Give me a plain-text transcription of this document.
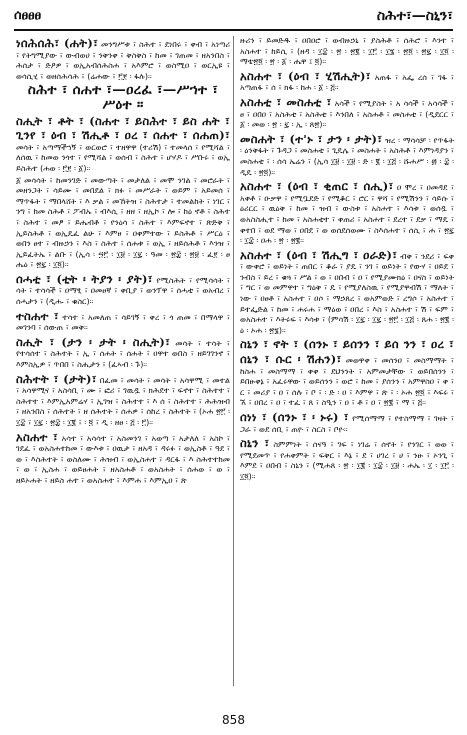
ሰፀፀፀ	ስሕተ፣—ስኒን፣

ነሰሕሰሕ፣ (ሐት)፣ መንግሥቱ ፣ ስሕተ ፣ ደነበሩ ፣ ቀብ ፣ አነጣሪ ፣ የትግሚያው ፣ ውብወሀ ፣ ንቅንቀ ፣ ቅስቅስ ፣ ከመ ፣ ገጠመ ፣ ዘአንበስ ፣ ሕሰታ ፣ ድዖዎ ፣ ወኢአብሰሕስሐ ፣ አእምሮ ፣ ወስሚዐ ፣ ወርኢዩ ፣ ወሳሲሂ ፣ ወዘሰሕሳሕ ፣ (ሬሐው ፣ ፫፻ ፡ ፋሉ)።

ስሕተ ፣ ሰሐተ ፣—ዐረፈ ፣—ሥኀተ ፣ ሥዕተ ።

ስሒት ፣ ቶት ፣ (ስሐተ ፣ ይስሕተ ፣ ይስ ሐት ፣ ጊንየ ፣ ዕብ ፣ ሽሒቶ ፣ ዐረ ፣ ሰሐተ ፣ ሰሐጠ)፣ መሳት ፣ አጣማችኀኝ ፣ ወርወሮ ፣ ተዘዋዋ (ተሪሽ) ፣ ተመላሰ ፣ የሚሻል ፣ ለሰዉ ፣ ከመወ ንጎተ ፣ የሚሻል ፣ ወሰብ ፣ ስሕተ ፣ ሆሃዶ ፣ ሥቡሩ ፣ ወኢ ይስሕተ (ሐወ ፡ ፫፻ ፡ ፩)።

፩ መሳሳት ፣ ከመንገድ ፣ መውጣት ፣ መታለል ፣ መሞ ንገል ፣ መሮራት ፣ መዘንጋት ፣ ሳይሙ ፣ መበደል ፣ ክፉ ፣ መሥራት ፣ ወይም ፣ አይመሰ ፣ ማጥፋት ፣ ማበላሸት ፣ እ ቃል ፣ መኸትዝ ፣ ስሕተታ ፣ ተመልከት ፣ ነገር ፣ ንግ ፣ ከመ ስሕቶ ፣ ፖብኡ ፣ ብእሲ ፣ ዘዘ ፣ ዘኢኮ ፣ ሎ ፣ ከዕ ኖቶ ፣ ስሕተ ፣ ስሕተ ፣ መፆ ፣ ይሔብቶ ፣ የንዕሳ ፣ ስሕተ ፣ እምፍኖተ ፣ ጽድቅ ፣ ኢይስሕቶ ፣ ወኢዴፈ ልሁ ፣ እምፀ ፣ ዐቀምተው ፣ ይስሕቶ ፣ ሥርዕ ፣ ወበን ፀተ ፣ ብዙኃን ፣ እስ ፣ ስሕተ ፣ ሰሐቱ ፣ ወኢ ፣ ዘይሰሕቶ ፣ እንዝ ፣ ኢይፈትኤ ፣ ልቡ ፣ (ኢሳ ፡ ፵፫ ፡ ፲፱ ፡ ፲፯ ፡ ዓመ ፡ ፳፰ ፡ ፳፱ ፡ ፈ፻ ፡ ፀ ሔዕ ፣ ፳፯ ፡ ፲፬)።

ሰሓቲ ፣ (ቲት ፡ ትያን ፡ ያት)፣ የሚስሕት ፣ የሚሳሳት ፣ ሳት ፣ ተሳሳች ፣ ዐማፂ ፣ ዐመፀኛ ፣ ቀቢያ ፣ ወንፕዋ ፣ ሰሓቲ ፣ ወአብረ ፣ ሰሓታን ፣ (ዲሑ ፣ ቁስር)።

ተስሐተ ፣ ተሳተ ፣ አመለጠ ፣ ሳይገኝ ፣ ቀረ ፣ ጎ ጠመ ፣ በማላዋ ፣ መገንባ ፣ ሰውጠ ፣ መቅ።

ስሒት ፣ (ታን ፡ ታት ፡ ስሒት)፣ መሳት ፣ ተሳት ፣ የተሳሰተ ፣ ስሕተት ፣ ኢ ፣ ሰሐት ፣ ሰሐት ፣ ዐዋተ ወበስ ፣ ዘይገገንኖ ፣ እምስኢዎ ፣ ጥበበ ፣ ስሒታን ፣ (ፈኣብ ፡ ጉ)።

ስሕተት ፣ (ታት)፣ በፈመ ፣ መሳት ፣ መሳት ፣ አሳዋሚ ፣ መተል ፣ አሳዋሚና ፣ አስሳቢ ፣ ሙ ፣ ፎሪ ፣ ገዉዷ ፣ ክሕደተ ፣ ፍኖተ ፣ ስሕተተ ፣ ስሕተተ ፣ እምኢአምሬሃ ፣ ኢገዝ ፣ ስሕተተ ፣ እ ሰ ፣ ስሕተተ ፣ ሕሕዝብ ፣ ዘአንበስ ፣ ሰሕተት ፣ ዘ ሰሕተት ፣ ሰሐዎ ፣ ሰከረ ፣ ስሕተት ፣ (ኦሐ ፳፫ ፡ ፲፰ ፣ ፲፯ ፡ ፳፰ ፡ ፲፪ ፣ ፡ ፬ ፣ ዲ ፡ ዘፀ ፡ ፭ ፡ ፫)።

አስሐተ ፣ አሳተ ፣ አሳሳተ ፣ አስመንገ ፣ አወጣ ፣ አታለለ ፣ አስኮ ፣ ገደፈ ፣ ወአስሐተከመ ፣ ውእቱ ፣ ዐዉታ ፣ ዘአዳ ፣ ዳሩፉ ፣ ወኢስቶ ፣ ዓደ ፣ ወ ፣ እስሕተት ፣ ወስለሙ ፣ ሕዝብ ፣ ወኢስሐተ ፣ ዳርፋ ፣ እ ስሕተተከመ ፣ ወ ፣ ኢስሐ ፣ ወይፀሐት ፣ ዘአስሐቶ ፣ ወአስሐት ፣ ሰሐወ ፣ ወ ፣ ዘይኦሐት ፣ ዘይስ ሐተ ፣ ወአስሐተ ፣ እምሐ ፣ እምኢዐ ፣ ጽ

ዙሪን ፣ ይመድዱ ፣ ዐበዐሮ ፣ ወብዙኃኒ ፣ ያስሕቶ ፣ ሰሕሮ ፣ እንተ ፣ አስሐተ ፣ ከይሲ ፣ (ዘዳ ፡ ፲፰ ፡ ፳ ፡ ፳፪ ፡ ፲፫ ፡ ፲፮ ፡ ፳፬ ፡ ፳፯ ፡ ፲፬ ፡ ማቴ፳፬ ፡ ፳ ፡ ፩ ፡ ሔዋ ፤ ፬)።

አስሐተ ፣ (ዕብ ፣ ሂሽሒት)፣ አጠፋ ፣ አፌ ረሰ ፣ ገፋ ፣ አጣጠፋ ፣ ሰ ፣ ክፋ ፡ ከሐ ፡ ፩ ፡ ፭።

አስሐቲ ፣ መስሐቲ ፣ አሳች ፣ የሚያስት ፣ አ ሳሳች ፣ አሳሳች ፣ ፀ ፣ ዐበዐ ፣ አስሕቲ ፣ አስሕቲ ፣ እንበለ ፣ አስሐቶ ፣ መስሐቲ ፣ (ዲደርር ፣ ፩ ፡ መወ ፡ ፳ ፡ ፯ ፡ ኢ ፡ ጸ፳)።

መስሐት ፣ (ተ'ኑ ፣ ታን ፡ ታት)፣ ዝረ ፡ ማሳሳቻ ፡ የጥፋት ፡ ዕንቅፋት ፣ ጉዳጋ ፣ መስሐቲ ፣ ጊዴሌ ፣ መስሐት ፣ አስሕቶ ፣ እምነዳያን ፣ መስሐቲ ፣ ፡ ሰሳ ኤሬን ፣ (ኢሳ ፲፱ ፡ ፲፱ ፡ ድ ፡ ፪ ፡ ፲፭ ፡ ሹሐሥ ፡ ፴ ፡ ፰ ፡ ዲዴ ፡ ፳፬)።

አስሐተ ፣ (ዕብ ፣ ቂጠር ፣ ሰሒ)፣ ዐ ሞረ ፣ ዐመዳደ ፣ አቀቶ ፣ ዑቃዋ ፣ የሚቧደድ ፣ የሚቆር ፣ ሮር ፣ ዋሻ ፣ የሚሽንን ፣ ሳይሱ ፣ ዕሪርር ፣ ዉዕቅ ፣ ከመ ፣ ዝብ ፣ ውስቱ ፣ አስሐተ ፣ እሳቱ ፣ ወሰዷ ፣ ወአስስሒተ ፣ ከመ ፣ አስሐቲተ ፣ ቀጠሪ ፣ አስሐተ ፣ ደረተ ፣ ደቃ ፣ ማዴ ፣ ቀተበ ፣ ወደ ማወ ፣ ዐበደ ፣ ወ ወሰደሰወሙ ፣ ስእሰሐተ ፣ ሰሲ ፣ ሐ ፣ ፳፯ ፡ ፲፰ ፡ ዐሐ ፡ ፳ ፡ ፳፪።

አስሐተ ፣ (ዕብ ፣ ሽሒግ ፣ ዐራድ)፣ ብቅ ፣ ንደሪ ፣ ፍቀ ፣ ውቀሮ ፣ ወይነት ፣ ጠበር ፣ ቆራ ፣ ያዴ ፣ ንገ ፣ ወይነት ፣ የውሃ ፣ ዐይደ ፣ ንብስ ፣ ይረ ፣ ቁጓ ፣ ሥል ፣ ወ ፣ ዐበብ ፣ ዐ ፣ የሚያሙክዕ ፣ ዐናስ ፣ ወይነት ፣ ግር ፣ ወ መምዋተ ፣ ግዕቅ ፣ ዴ ፣ የሚያለስዉ ፣ የሚያዋብሽ ፣ ማለት ፣ ነው ፣ ዐፀቶ ፣ አስሐተ ፣ ዐሶ ፣ ማኃጸረ ፣ ወአምወድ ፣ ረግሶ ፣ አስሐተ ፣ ይተፌድል ፣ ከመ ፣ ሐሩሐ ፣ ማዕወ ፣ ዐበረ ፣ እስ ፣ አስሐተ ፣ ሽ ፣ ፍም ፣ ወአስሐተ ፣ እትሩፍ ፣ እሳቱ ፣ (ምሳሽ ፡ ፲፯ ፡ ፲፯ ፡ ፳፫ ፡ ፲፭ ፡ ጸሐ ፡ ፳፪ ፡ ዕ ፡ ኦሐ ፡ ፳፮)።

ስኒን ፣ ኖት ፣ (ሰንኑ ፣ ይሰንን ፣ ይሰ ንን ፣ ዐረ ፣ ሰኒን ፣ ሱር ፡ ሽሐን)፣ መወዋቀ ፣ መሰንዐ ፣ መስማማት ፣ ከስሐ ፣ መስማማ ፣ ቀቀ ፣ ደህንንት ፣ አምመታቸው ፣ ወይበሰንን ፣ ይበፁቀኔ ፣ አፈሩዋው ፣ ወይሰንን ፣ ወሮ ፣ ከመ ፣ ያሰንን ፣ አምዋስዐ ፣ ቀ ፣ ር ፣ መሪያ ፣ ዐ ፣ ሰሉ ፣ ቦ ፣ ፡ ድ ፡ ዐ ፣ እምዋ ፣ ጽ ፣ ፡ ኦሐ ፳፬ ፣ እፍሩ ፣ ኧ ፣ ዐበረ ፣ ዐ ፣ ተፈ ፣ ጸ ፣ ስዒን ፣ ዐ ፣ ቶ ፣ ዐ ፣ ፳፪ ፣ ማ ፣ ፭።

ሰነነ ፣ (ሰንኑ ፣ ፡ ኑሩ) ፣ የሚሰማማ ፣ የተስማማ ፣ ገዛት ፣ ጋራ ፣ ወደ ሰቢ ፣ ጠዮ ፣ ስርስ ፣ ቦዮ።

ስኒን ፣ ስምምነት ፣ ሰናዓ ፣ ገፍ ፣ ነገሬ ፣ ሰኖት ፣ የንገር ፣ ወወ ፣ የሚደመጥ ፣ የሐቀምት ፣ ፍቅር ፣ እኔ ፣ ደ ፣ ሀገረ ፣ ሀ ፣ ንፁ ፣ ኦንጊ ፣ እምደ ፣ ዐበብ ፣ ስኒን ፣ (ሚሐጸ ፡ ፳ ፡ ፲፪ ፡ ፲፰ ፡ ፲፱ ፡ ሐኤ ፡ ፲ ፡ ፲፫ ፡ ፲፬)።

858
